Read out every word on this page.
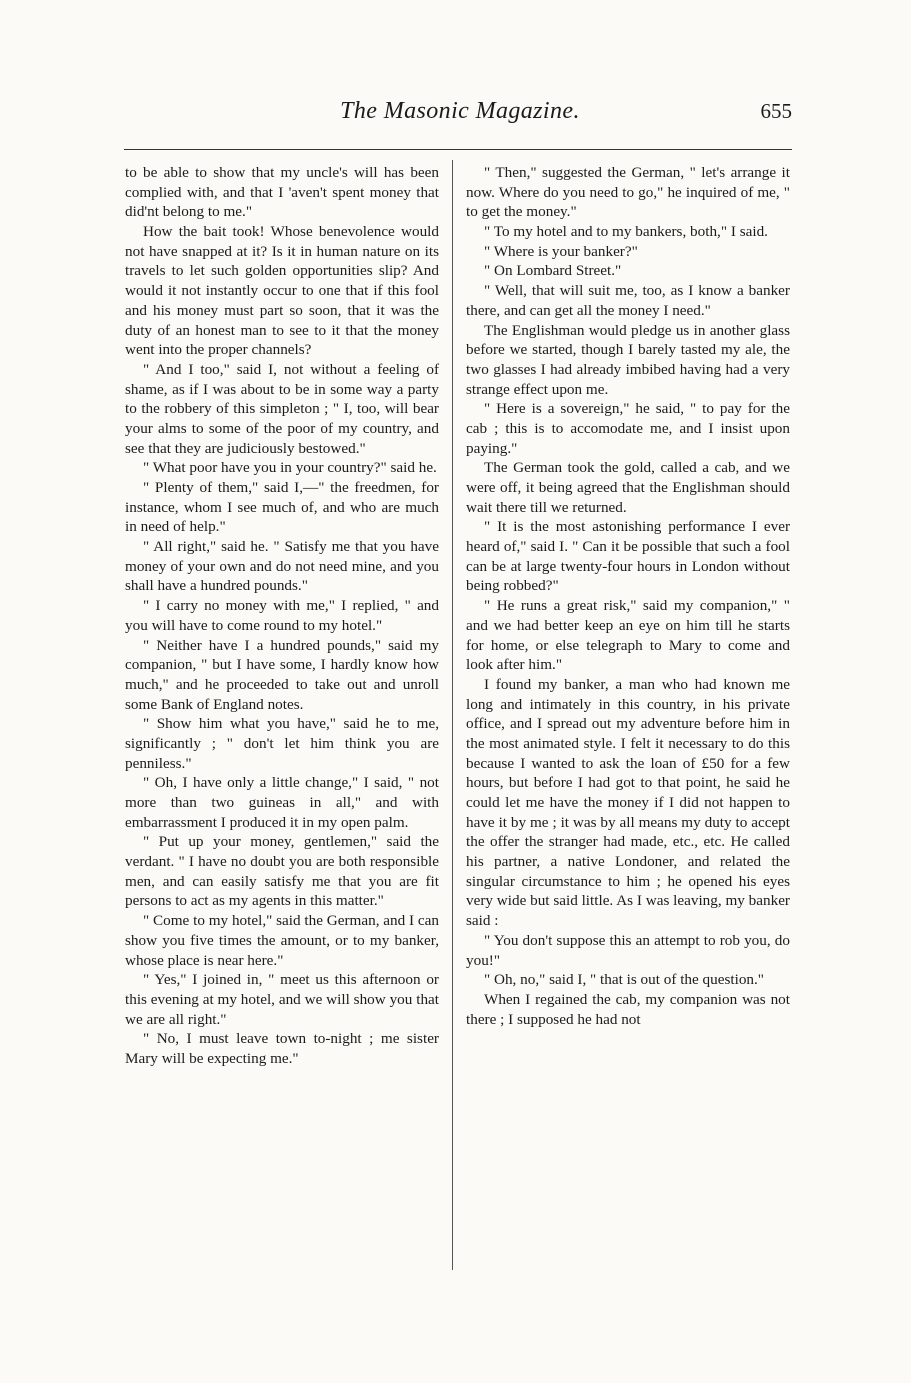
The Masonic Magazine.	655

to be able to show that my uncle's will has been complied with, and that I 'aven't spent money that did'nt belong to me."

How the bait took! Whose benevolence would not have snapped at it? Is it in human nature on its travels to let such golden opportunities slip? And would it not instantly occur to one that if this fool and his money must part so soon, that it was the duty of an honest man to see to it that the money went into the proper channels?

" And I too," said I, not without a feeling of shame, as if I was about to be in some way a party to the robbery of this simpleton ; " I, too, will bear your alms to some of the poor of my country, and see that they are judiciously bestowed."

" What poor have you in your country?" said he.

" Plenty of them," said I,—" the freedmen, for instance, whom I see much of, and who are much in need of help."

" All right," said he. " Satisfy me that you have money of your own and do not need mine, and you shall have a hundred pounds."

" I carry no money with me," I replied, " and you will have to come round to my hotel."

" Neither have I a hundred pounds," said my companion, " but I have some, I hardly know how much," and he proceeded to take out and unroll some Bank of England notes.

" Show him what you have," said he to me, significantly ; " don't let him think you are penniless."

" Oh, I have only a little change," I said, " not more than two guineas in all," and with embarrassment I produced it in my open palm.

" Put up your money, gentlemen," said the verdant. " I have no doubt you are both responsible men, and can easily satisfy me that you are fit persons to act as my agents in this matter."

" Come to my hotel," said the German, and I can show you five times the amount, or to my banker, whose place is near here."

" Yes," I joined in, " meet us this afternoon or this evening at my hotel, and we will show you that we are all right."

" No, I must leave town to-night ; me sister Mary will be expecting me."

" Then," suggested the German, " let's arrange it now. Where do you need to go," he inquired of me, " to get the money."

" To my hotel and to my bankers, both," I said.

" Where is your banker?"

" On Lombard Street."

" Well, that will suit me, too, as I know a banker there, and can get all the money I need."

The Englishman would pledge us in another glass before we started, though I barely tasted my ale, the two glasses I had already imbibed having had a very strange effect upon me.

" Here is a sovereign," he said, " to pay for the cab ; this is to accomodate me, and I insist upon paying."

The German took the gold, called a cab, and we were off, it being agreed that the Englishman should wait there till we returned.

" It is the most astonishing performance I ever heard of," said I. " Can it be possible that such a fool can be at large twenty-four hours in London without being robbed?"

" He runs a great risk," said my companion," " and we had better keep an eye on him till he starts for home, or else telegraph to Mary to come and look after him."

I found my banker, a man who had known me long and intimately in this country, in his private office, and I spread out my adventure before him in the most animated style. I felt it necessary to do this because I wanted to ask the loan of £50 for a few hours, but before I had got to that point, he said he could let me have the money if I did not happen to have it by me ; it was by all means my duty to accept the offer the stranger had made, etc., etc. He called his partner, a native Londoner, and related the singular circumstance to him ; he opened his eyes very wide but said little. As I was leaving, my banker said :

" You don't suppose this an attempt to rob you, do you!"

" Oh, no," said I, " that is out of the question."

When I regained the cab, my companion was not there ; I supposed he had not
